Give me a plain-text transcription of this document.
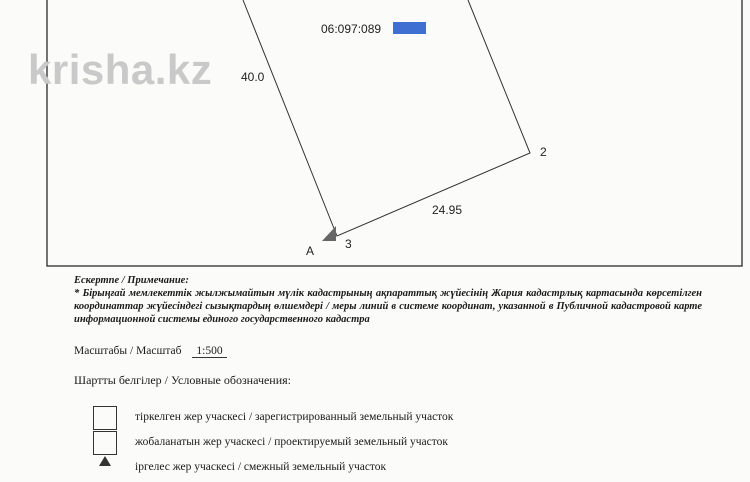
06:097:089
40.0
24.95
2
3
A
krisha.kz
Ескертпе / Примечание:
* Бірыңғай мемлекеттік жылжымайтын мүлік кадастрының ақпараттық жүйесінің Жария кадастрлық картасында көрсетілген координаттар жүйесіндегі сызықтардың өлшемдері / меры линий в системе координат, указанной в Публичной кадастровой карте информационной системы единого государственного кадастра
Масштабы / Масштаб 1:500
Шартты белгілер / Условные обозначения:
тіркелген жер учаскесі / зарегистрированный земельный участок
жобаланатын жер учаскесі / проектируемый земельный участок
іргелес жер учаскесі / смежный земельный участок
